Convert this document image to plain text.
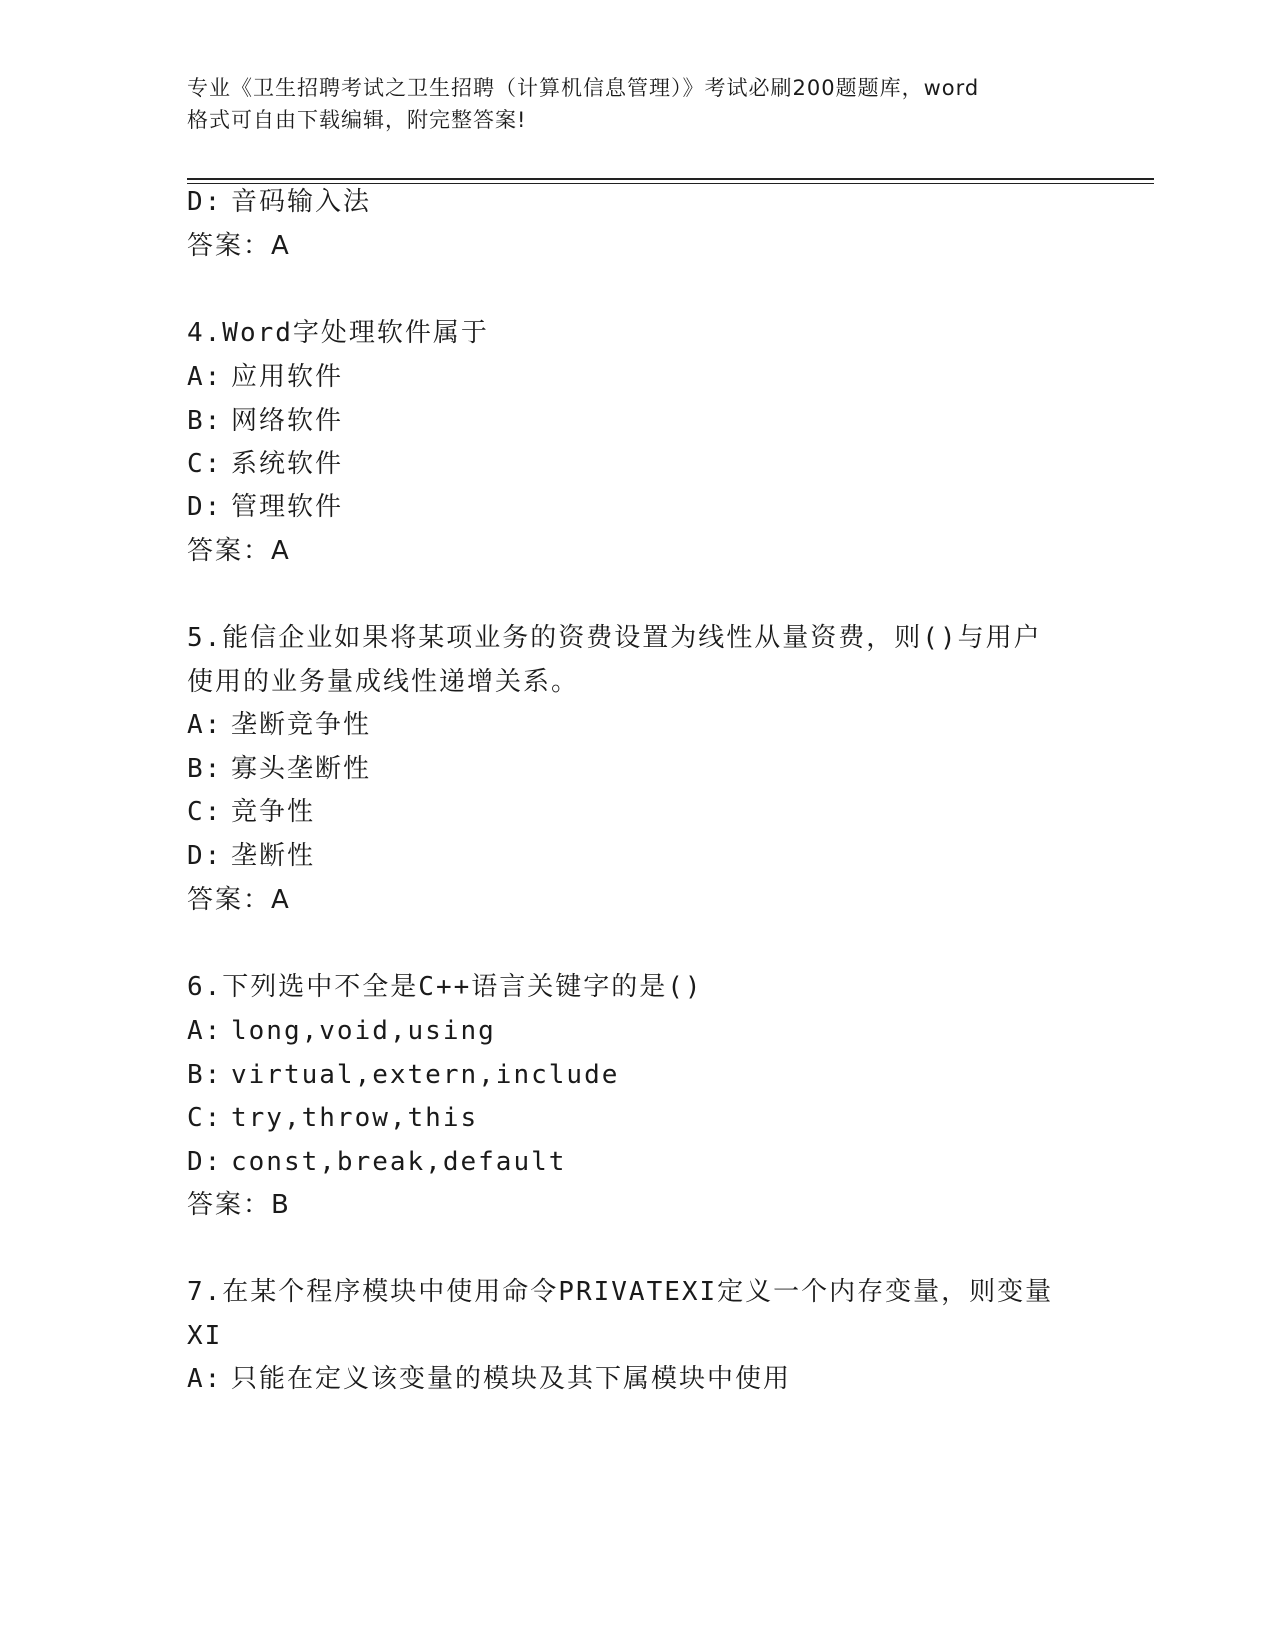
专业《卫生招聘考试之卫生招聘（计算机信息管理）》考试必刷200题题库，word
格式可自由下载编辑，附完整答案!
D: 音码输入法
答案：A
4.Word字处理软件属于
A: 应用软件
B: 网络软件
C: 系统软件
D: 管理软件
答案：A
5.能信企业如果将某项业务的资费设置为线性从量资费，则()与用户
使用的业务量成线性递增关系。
A: 垄断竞争性
B: 寡头垄断性
C: 竞争性
D: 垄断性
答案：A
6.下列选中不全是C++语言关键字的是()
A: long,void,using
B: virtual,extern,include
C: try,throw,this
D: const,break,default
答案：B
7.在某个程序模块中使用命令PRIVATEXI定义一个内存变量，则变量
XI
A: 只能在定义该变量的模块及其下属模块中使用
